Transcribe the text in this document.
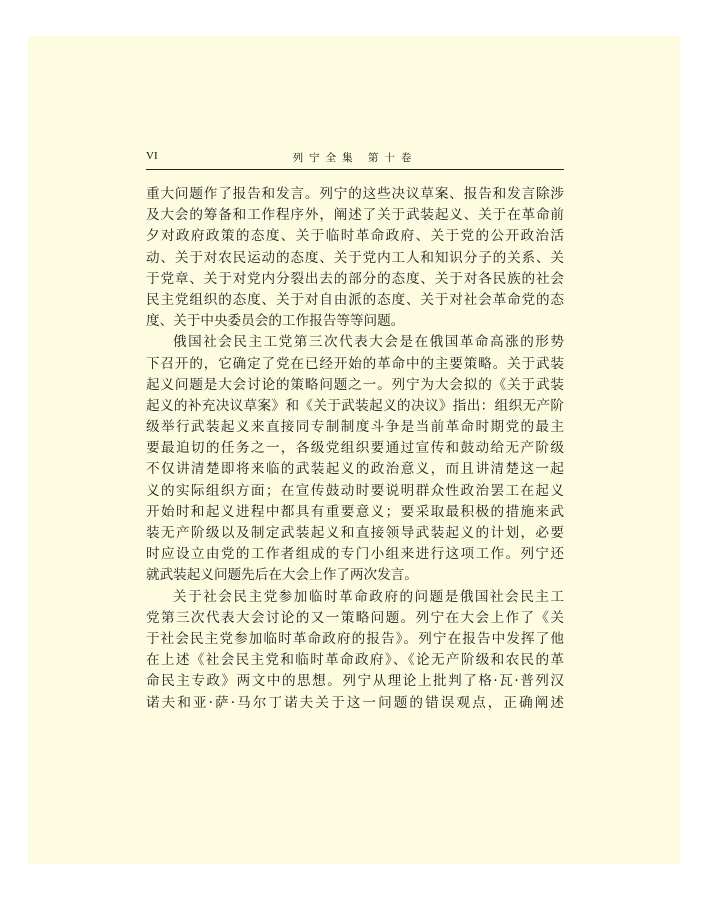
VI	列宁全集 第十卷
重大问题作了报告和发言。列宁的这些决议草案、报告和发言除涉
及大会的筹备和工作程序外，阐述了关于武装起义、关于在革命前
夕对政府政策的态度、关于临时革命政府、关于党的公开政治活
动、关于对农民运动的态度、关于党内工人和知识分子的关系、关
于党章、关于对党内分裂出去的部分的态度、关于对各民族的社会
民主党组织的态度、关于对自由派的态度、关于对社会革命党的态
度、关于中央委员会的工作报告等等问题。
俄国社会民主工党第三次代表大会是在俄国革命高涨的形势
下召开的，它确定了党在已经开始的革命中的主要策略。关于武装
起义问题是大会讨论的策略问题之一。列宁为大会拟的《关于武装
起义的补充决议草案》和《关于武装起义的决议》指出：组织无产阶
级举行武装起义来直接同专制制度斗争是当前革命时期党的最主
要最迫切的任务之一，各级党组织要通过宣传和鼓动给无产阶级
不仅讲清楚即将来临的武装起义的政治意义，而且讲清楚这一起
义的实际组织方面；在宣传鼓动时要说明群众性政治罢工在起义
开始时和起义进程中都具有重要意义；要采取最积极的措施来武
装无产阶级以及制定武装起义和直接领导武装起义的计划，必要
时应设立由党的工作者组成的专门小组来进行这项工作。列宁还
就武装起义问题先后在大会上作了两次发言。
关于社会民主党参加临时革命政府的问题是俄国社会民主工
党第三次代表大会讨论的又一策略问题。列宁在大会上作了《关
于社会民主党参加临时革命政府的报告》。列宁在报告中发挥了他
在上述《社会民主党和临时革命政府》、《论无产阶级和农民的革
命民主专政》两文中的思想。列宁从理论上批判了格·瓦·普列汉
诺夫和亚·萨·马尔丁诺夫关于这一问题的错误观点，正确阐述
